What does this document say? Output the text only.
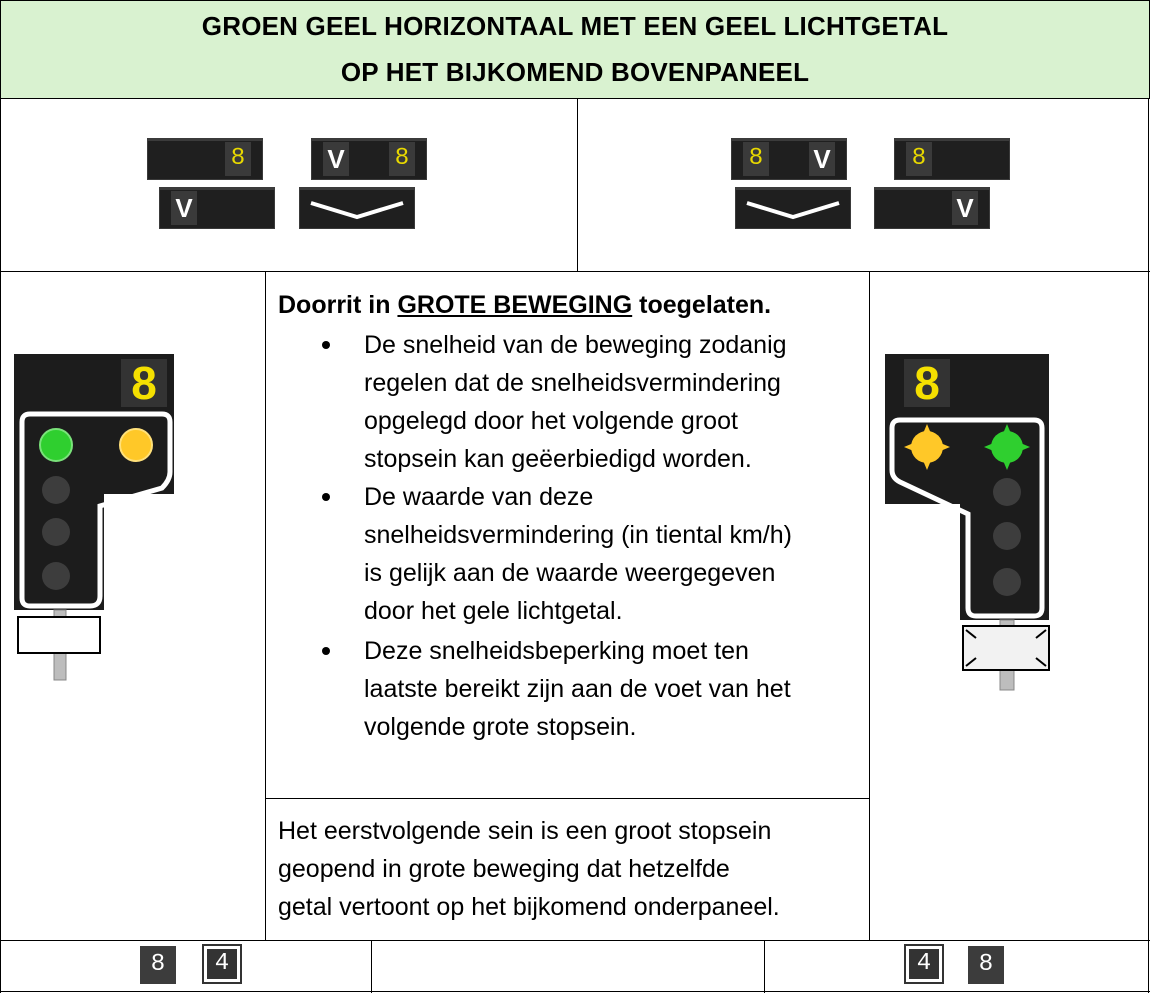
GROEN GEEL HORIZONTAAL MET EEN GEEL LICHTGETAL
OP HET BIJKOMEND BOVENPANEEL
8	V 8
V
8 V	8
V
8	8
Doorrit in GROTE BEWEGING toegelaten.
De snelheid van de beweging zodanig
regelen dat de snelheidsvermindering
opgelegd door het volgende groot
stopsein kan geëerbiedigd worden.
De waarde van deze
snelheidsvermindering (in tiental km/h)
is gelijk aan de waarde weergegeven
door het gele lichtgetal.
Deze snelheidsbeperking moet ten
laatste bereikt zijn aan de voet van het
volgende grote stopsein.
Het eerstvolgende sein is een groot stopsein
geopend in grote beweging dat hetzelfde
getal vertoont op het bijkomend onderpaneel.
8	4	4	8
